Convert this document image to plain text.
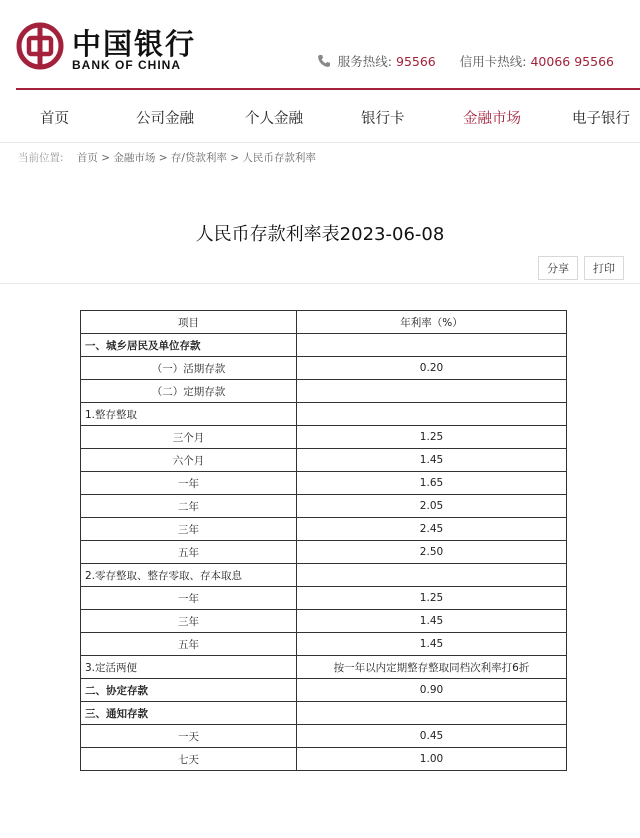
中国银行
BANK OF CHINA	服务热线: 95566 信用卡热线: 40066 95566
首页	公司金融	个人金融	银行卡	金融市场	电子银行
当前位置: 首页 > 金融市场 > 存/贷款利率 > 人民币存款利率
人民币存款利率表2023-06-08
分享	打印
项目	年利率（%）
一、城乡居民及单位存款	
（一）活期存款	0.20
（二）定期存款	
1.整存整取	
三个月	1.25
六个月	1.45
一年	1.65
二年	2.05
三年	2.45
五年	2.50
2.零存整取、整存零取、存本取息	
一年	1.25
三年	1.45
五年	1.45
3.定活两便	按一年以内定期整存整取同档次利率打6折
二、协定存款	0.90
三、通知存款	
一天	0.45
七天	1.00
